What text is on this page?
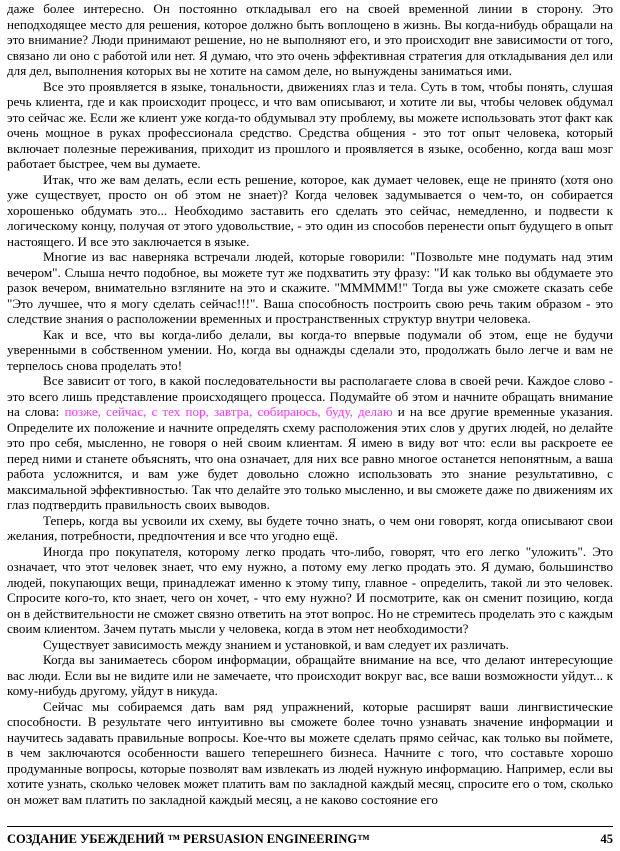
даже более интересно. Он постоянно откладывал его на своей временной линии в сторону. Это неподходящее место для решения, которое должно быть воплощено в жизнь. Вы когда-нибудь обращали на это внимание? Люди принимают решение, но не выполняют его, и это происходит вне зависимости от того, связано ли оно с работой или нет. Я думаю, что это очень эффективная стратегия для откладывания дел или для дел, выполнения которых вы не хотите на самом деле, но вынуждены заниматься ими.

Все это проявляется в языке, тональности, движениях глаз и тела. Суть в том, чтобы понять, слушая речь клиента, где и как происходит процесс, и что вам описывают, и хотите ли вы, чтобы человек обдумал это сейчас же. Если же клиент уже когда-то обдумывал эту проблему, вы можете использовать этот факт как очень мощное в руках профессионала средство. Средства общения - это тот опыт человека, который включает полезные переживания, приходит из прошлого и проявляется в языке, особенно, когда ваш мозг работает быстрее, чем вы думаете.

Итак, что же вам делать, если есть решение, которое, как думает человек, еще не принято (хотя оно уже существует, просто он об этом не знает)? Когда человек задумывается о чем-то, он собирается хорошенько обдумать это... Необходимо заставить его сделать это сейчас, немедленно, и подвести к логическому концу, получая от этого удовольствие, - это один из способов перенести опыт будущего в опыт настоящего. И все это заключается в языке.

Многие из вас наверняка встречали людей, которые говорили: "Позвольте мне подумать над этим вечером". Слыша нечто подобное, вы можете тут же подхватить эту фразу: "И как только вы обдумаете это разок вечером, внимательно взгляните на это и скажите. "МММММ!" Тогда вы уже сможете сказать себе "Это лучшее, что я могу сделать сейчас!!!". Ваша способность построить свою речь таким образом - это следствие знания о расположении временных и пространственных структур внутри человека.

Как и все, что вы когда-либо делали, вы когда-то впервые подумали об этом, еще не будучи уверенными в собственном умении. Но, когда вы однажды сделали это, продолжать было легче и вам не терпелось снова проделать это!

Все зависит от того, в какой последовательности вы располагаете слова в своей речи. Каждое слово - это всего лишь представление происходящего процесса. Подумайте об этом и начните обращать внимание на слова: позже, сейчас, с тех пор, завтра, собираюсь, буду, делаю и на все другие временные указания. Определите их положение и начните определять схему расположения этих слов у других людей, но делайте это про себя, мысленно, не говоря о ней своим клиентам. Я имею в виду вот что: если вы раскроете ее перед ними и станете объяснять, что она означает, для них все равно многое останется непонятным, а ваша работа усложнится, и вам уже будет довольно сложно использовать это знание результативно, с максимальной эффективностью. Так что делайте это только мысленно, и вы сможете даже по движениям их глаз подтвердить правильность своих выводов.

Теперь, когда вы усвоили их схему, вы будете точно знать, о чем они говорят, когда описывают свои желания, потребности, предпочтения и все что угодно ещё.

Иногда про покупателя, которому легко продать что-либо, говорят, что его легко "уложить". Это означает, что этот человек знает, что ему нужно, а потому ему легко продать это. Я думаю, большинство людей, покупающих вещи, принадлежат именно к этому типу, главное - определить, такой ли это человек. Спросите кого-то, кто знает, чего он хочет, - что ему нужно? И посмотрите, как он сменит позицию, когда он в действительности не сможет связно ответить на этот вопрос. Но не стремитесь проделать это с каждым своим клиентом. Зачем путать мысли у человека, когда в этом нет необходимости?

Существует зависимость между знанием и установкой, и вам следует их различать.

Когда вы занимаетесь сбором информации, обращайте внимание на все, что делают интересующие вас люди. Если вы не видите или не замечаете, что происходит вокруг вас, все ваши возможности уйдут... к кому-нибудь другому, уйдут в никуда.

Сейчас мы собираемся дать вам ряд упражнений, которые расширят ваши лингвистические способности. В результате чего интуитивно вы сможете более точно узнавать значение информации и научитесь задавать правильные вопросы. Кое-что вы можете сделать прямо сейчас, как только вы поймете, в чем заключаются особенности вашего теперешнего бизнеса. Начните с того, что составьте хорошо продуманные вопросы, которые позволят вам извлекать из людей нужную информацию. Например, если вы хотите узнать, сколько человек может платить вам по закладной каждый месяц, спросите его о том, сколько он может вам платить по закладной каждый месяц, а не каково состояние его

СОЗДАНИЕ УБЕЖДЕНИЙ ™ PERSUASION ENGINEERING™	45
